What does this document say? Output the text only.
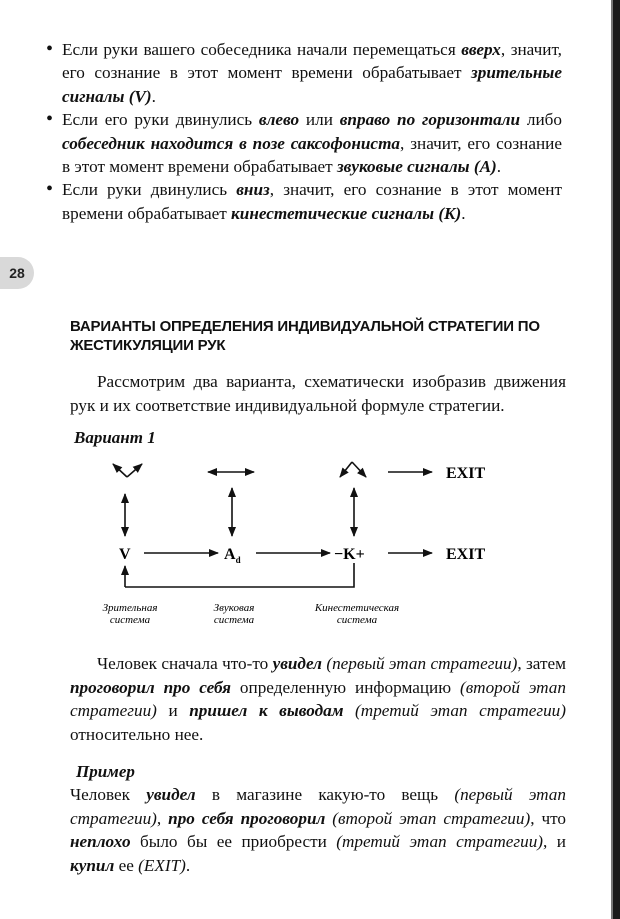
28
• Если руки вашего собеседника начали перемещаться вверх, значит, его сознание в этот момент времени обрабатывает зрительные сигналы (V).
• Если его руки двинулись влево или вправо по горизонтали либо собеседник находится в позе саксофониста, значит, его сознание в этот момент времени обрабатывает звуковые сигналы (A).
• Если руки двинулись вниз, значит, его сознание в этот момент времени обрабатывает кинестетические сигналы (K).
ВАРИАНТЫ ОПРЕДЕЛЕНИЯ ИНДИВИДУАЛЬНОЙ СТРАТЕГИИ ПО ЖЕСТИКУЛЯЦИИ РУК

Рассмотрим два варианта, схематически изобразив движения рук и их соответствие индивидуальной формуле стратегии.

Вариант 1
V	$A_d$	−K+
EXIT
EXIT
Зрительная
система
Звуковая
система
Кинестетическая
система

Человек сначала что-то увидел (первый этап стратегии), затем проговорил про себя определенную информацию (второй этап стратегии) и пришел к выводам (третий этап стратегии) относительно нее.

Пример

Человек увидел в магазине какую-то вещь (первый этап стратегии), про себя проговорил (второй этап стратегии), что неплохо было бы ее приобрести (третий этап стратегии), и купил ее (EXIT).
